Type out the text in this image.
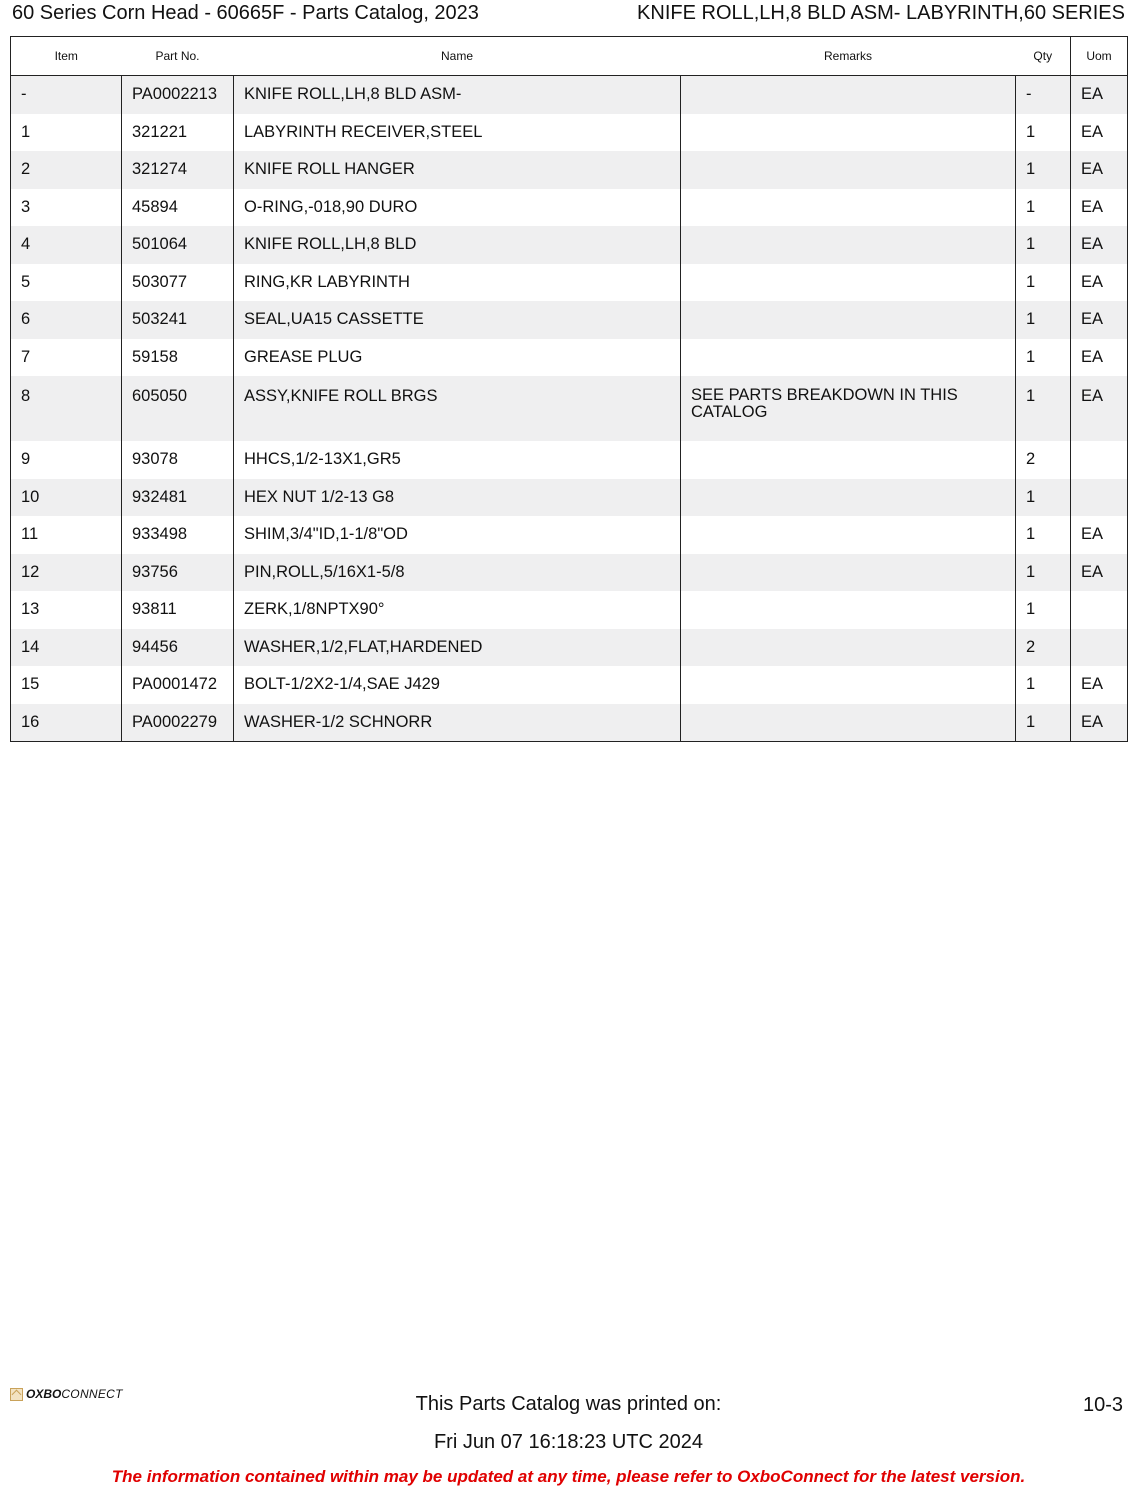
60 Series Corn Head - 60665F - Parts Catalog, 2023	KNIFE ROLL,LH,8 BLD ASM- LABYRINTH,60 SERIES
Item	Part No.	Name	Remarks	Qty	Uom
-	PA0002213	KNIFE ROLL,LH,8 BLD ASM-		-	EA
1	321221	LABYRINTH RECEIVER,STEEL		1	EA
2	321274	KNIFE ROLL HANGER		1	EA
3	45894	O-RING,-018,90 DURO		1	EA
4	501064	KNIFE ROLL,LH,8 BLD		1	EA
5	503077	RING,KR LABYRINTH		1	EA
6	503241	SEAL,UA15 CASSETTE		1	EA
7	59158	GREASE PLUG		1	EA
8	605050	ASSY,KNIFE ROLL BRGS	SEE PARTS BREAKDOWN IN THIS CATALOG	1	EA
9	93078	HHCS,1/2-13X1,GR5		2	
10	932481	HEX NUT 1/2-13 G8		1	
11	933498	SHIM,3/4"ID,1-1/8"OD		1	EA
12	93756	PIN,ROLL,5/16X1-5/8		1	EA
13	93811	ZERK,1/8NPTX90°		1	
14	94456	WASHER,1/2,FLAT,HARDENED		2	
15	PA0001472	BOLT-1/2X2-1/4,SAE J429		1	EA
16	PA0002279	WASHER-1/2 SCHNORR		1	EA
OXBO CONNECT	This Parts Catalog was printed on:
Fri Jun 07 16:18:23 UTC 2024
10-3
The information contained within may be updated at any time, please refer to OxboConnect for the latest version.
